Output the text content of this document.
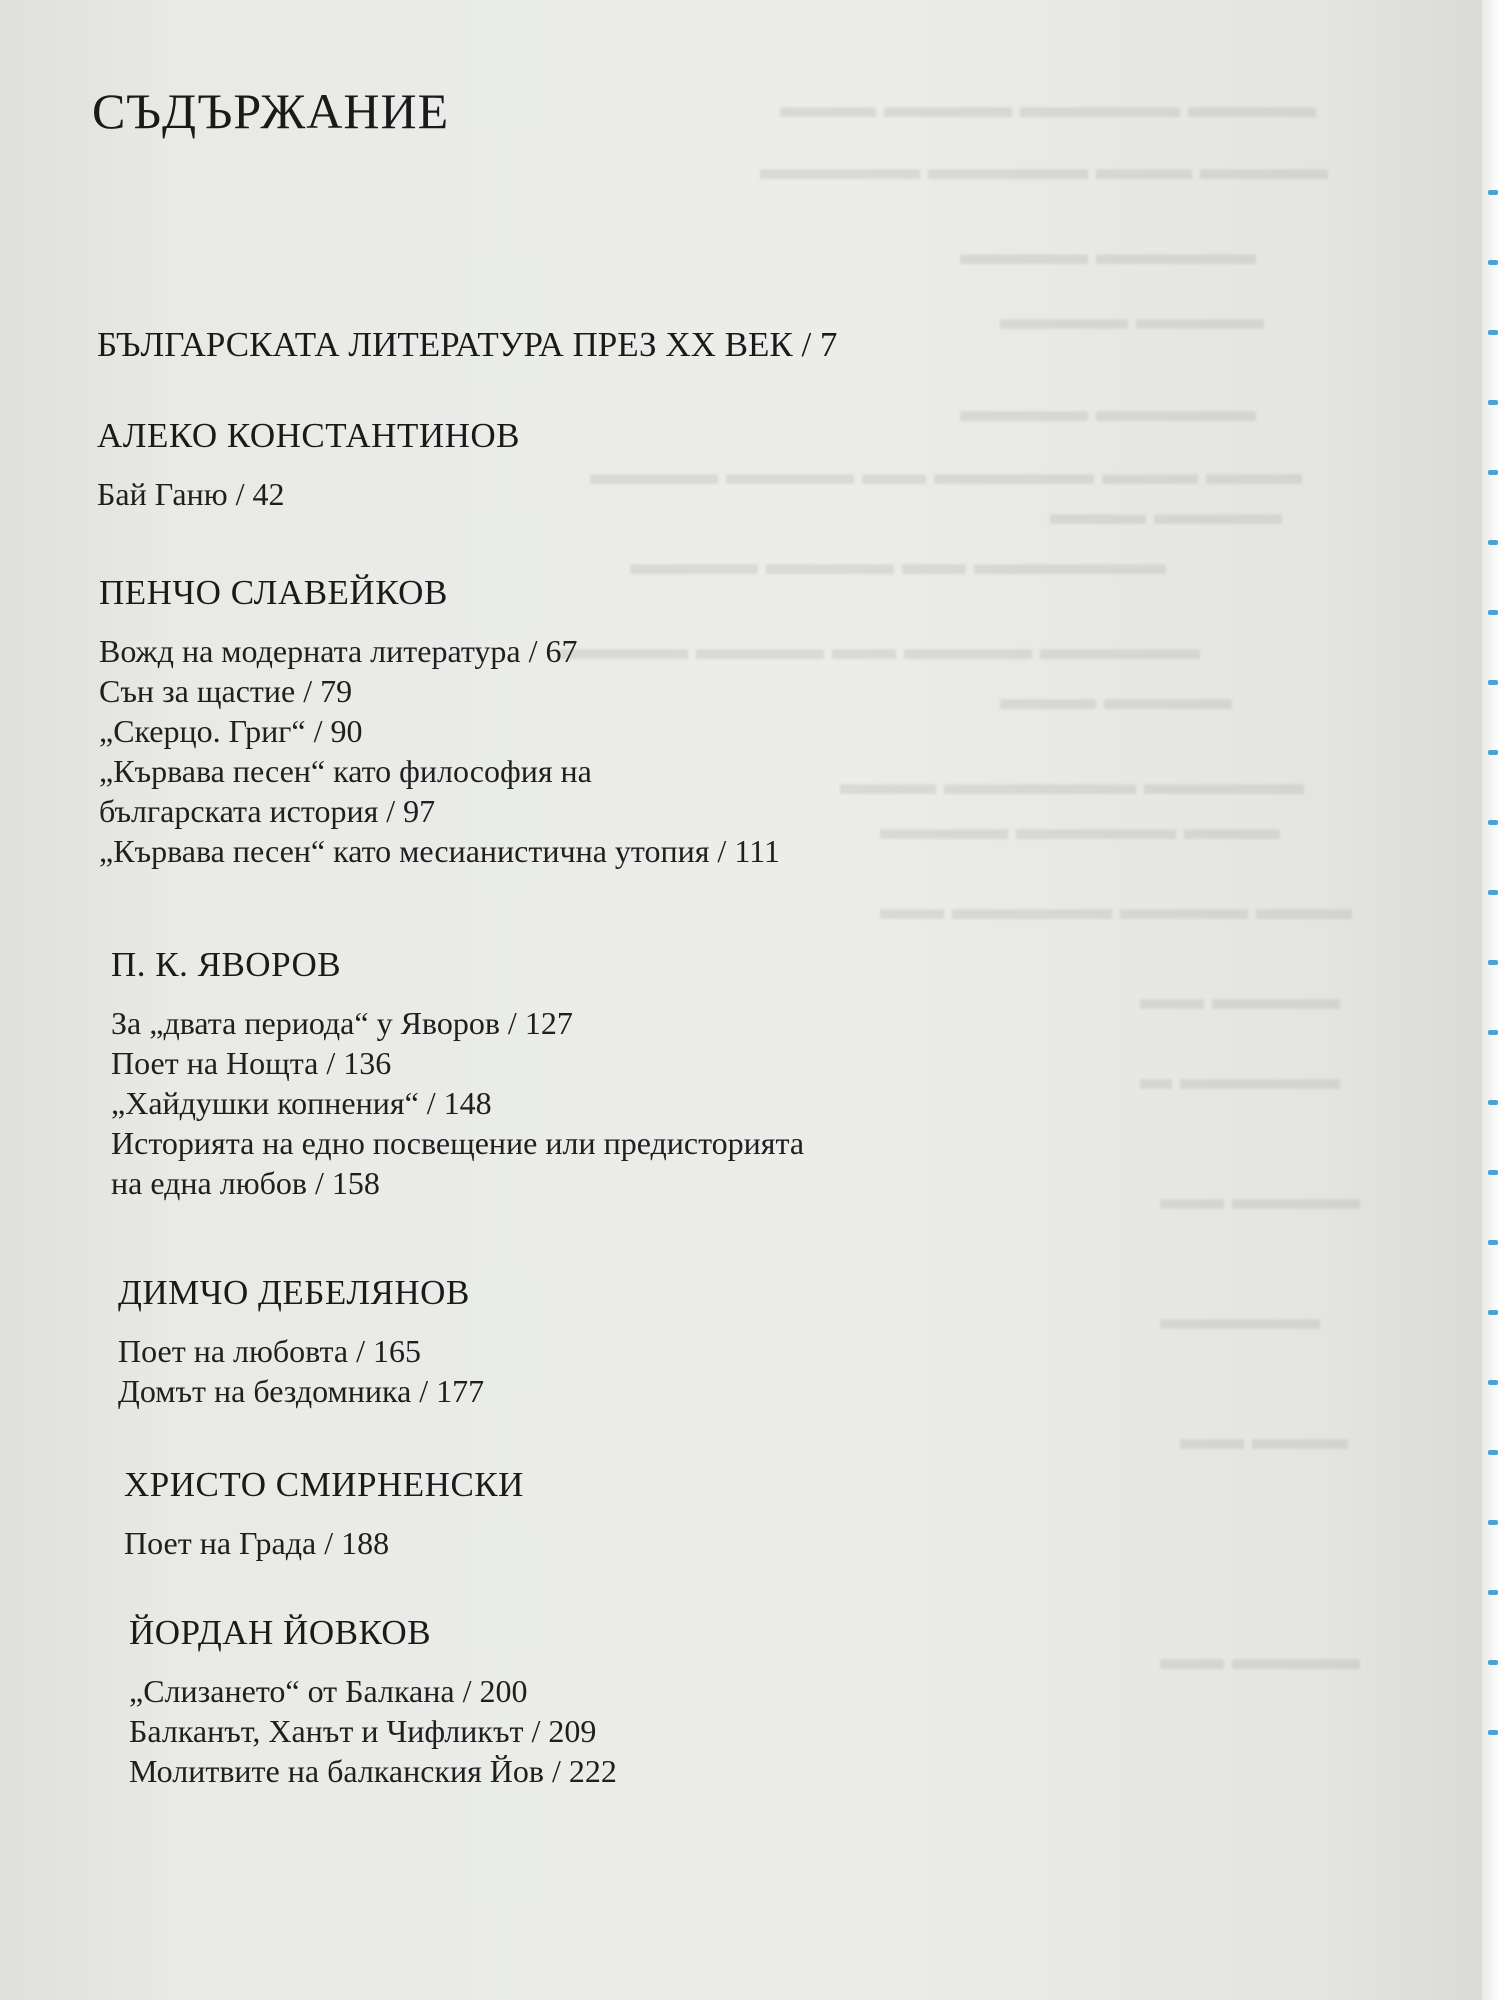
▬▬▬▬ ▬▬▬▬▬ ▬▬▬▬ ▬▬▬
▬▬▬▬ ▬▬▬ ▬▬▬▬▬ ▬▬▬▬▬
▬▬▬▬▬ ▬▬▬▬
▬▬▬▬ ▬▬▬▬
▬▬▬▬▬ ▬▬▬▬
▬▬▬ ▬▬▬ ▬▬▬▬▬ ▬▬ ▬▬▬▬ ▬▬▬▬
▬▬▬▬ ▬▬▬
▬▬▬▬▬▬ ▬▬ ▬▬▬▬ ▬▬▬▬
▬▬▬▬▬ ▬▬▬▬ ▬▬ ▬▬▬▬ ▬▬▬▬
▬▬▬▬ ▬▬▬
▬▬▬▬▬ ▬▬▬▬▬▬ ▬▬▬
▬▬▬ ▬▬▬▬▬ ▬▬▬▬
▬▬▬ ▬▬▬▬ ▬▬▬▬▬ ▬▬
▬▬▬▬ ▬▬
▬▬▬▬▬ ▬
▬▬▬▬ ▬▬
▬▬▬▬▬
▬▬▬ ▬▬
▬▬▬▬ ▬▬
СЪДЪРЖАНИЕ
БЪЛГАРСКАТА ЛИТЕРАТУРА ПРЕЗ XX ВЕК / 7
АЛЕКО КОНСТАНТИНОВ
Бай Ганю / 42
ПЕНЧО СЛАВЕЙКОВ
Вожд на модерната литература / 67
Сън за щастие / 79
„Скерцо. Григ“ / 90
„Кървава песен“ като философия на
българската история / 97
„Кървава песен“ като месианистична утопия / 111
П. К. ЯВОРОВ
За „двата периода“ у Яворов / 127
Поет на Нощта / 136
„Хайдушки копнения“ / 148
Историята на едно посвещение или предисторията
на една любов / 158
ДИМЧО ДЕБЕЛЯНОВ
Поет на любовта / 165
Домът на бездомника / 177
ХРИСТО СМИРНЕНСКИ
Поет на Града / 188
ЙОРДАН ЙОВКОВ
„Слизането“ от Балкана / 200
Балканът, Ханът и Чифликът / 209
Молитвите на балканския Йов / 222
